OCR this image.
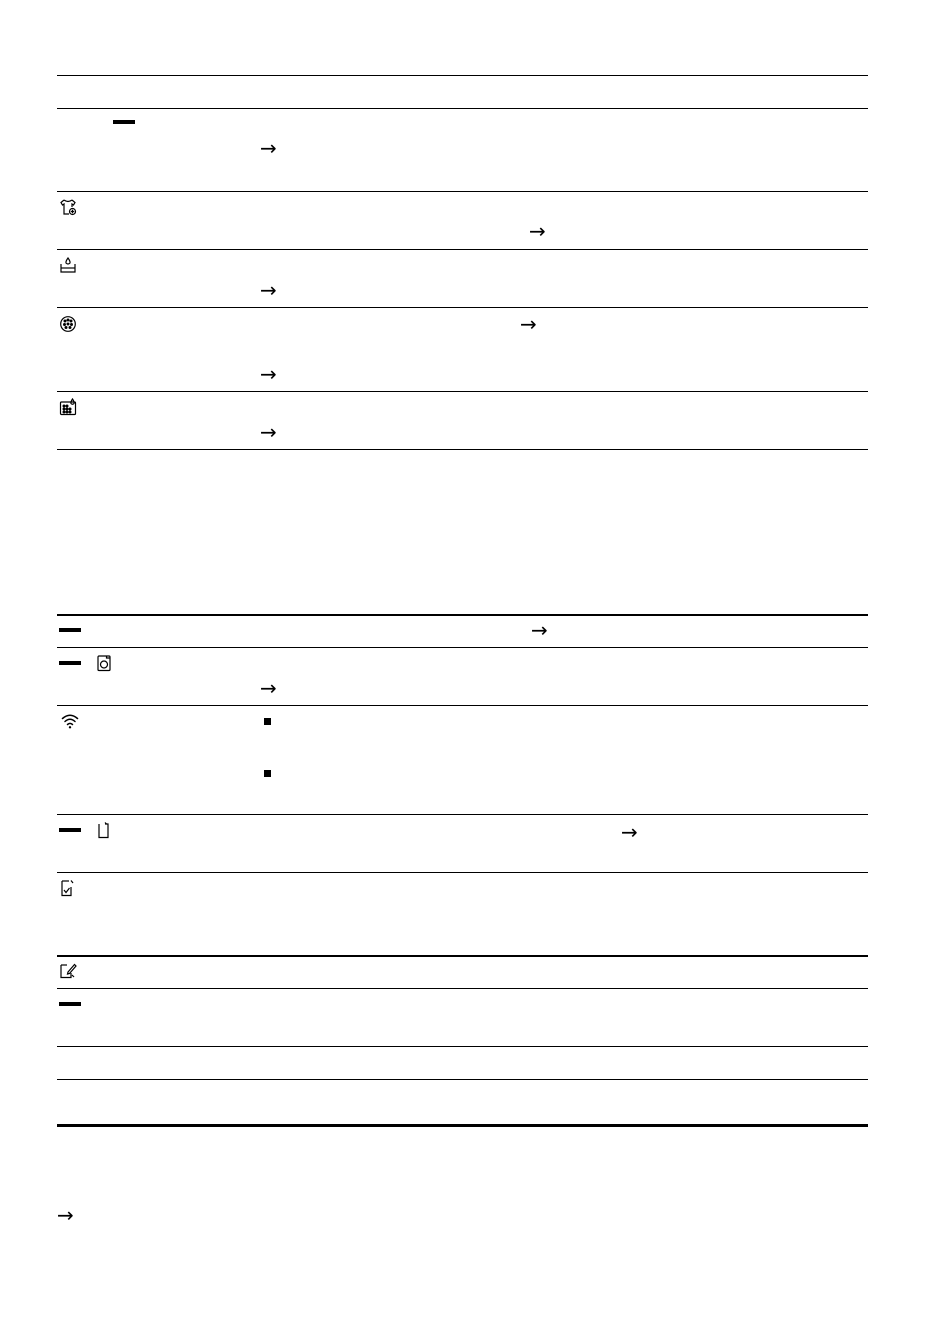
→
→
→
→
→
→
→
→
→
→
